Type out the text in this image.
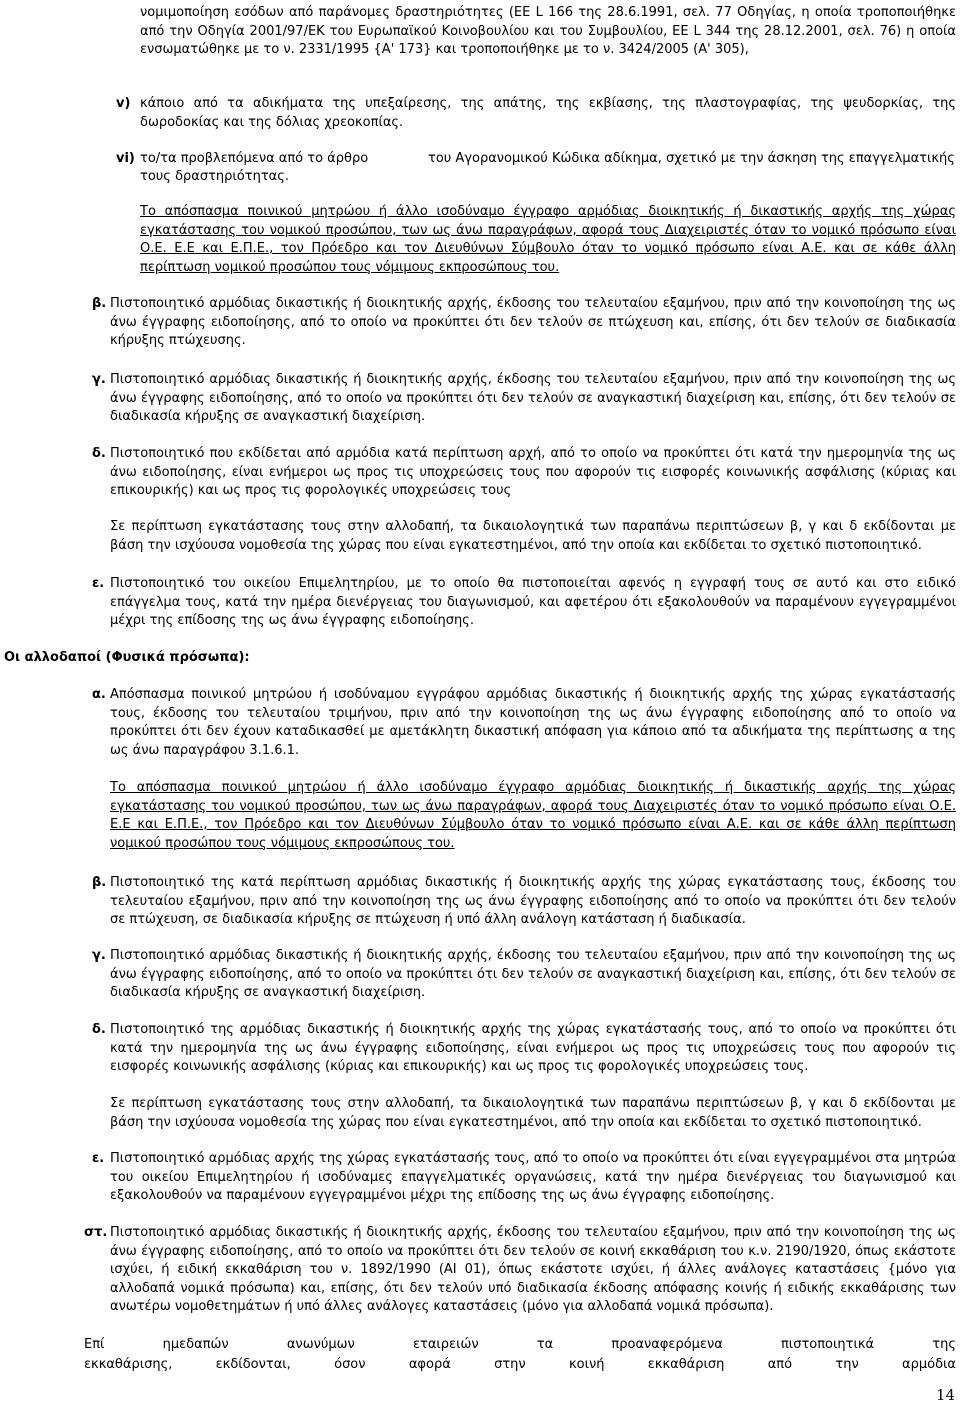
νομιμοποίηση εσόδων από παράνομες δραστηριότητες (ΕΕ L 166 της 28.6.1991, σελ. 77 Οδηγίας, η οποία τροποποιήθηκε από την Οδηγία 2001/97/ΕΚ του Ευρωπαϊκού Κοινοβουλίου και του Συμβουλίου, ΕΕ L 344 της 28.12.2001, σελ. 76) η οποία ενσωματώθηκε με το ν. 2331/1995 {Α' 173} και τροποποιήθηκε με το ν. 3424/2005 (Α' 305),
v) κάποιο από τα αδικήματα της υπεξαίρεσης, της απάτης, της εκβίασης, της πλαστογραφίας, της ψευδορκίας, της δωροδοκίας και της δόλιας χρεοκοπίας.
vi) το/τα προβλεπόμενα από το άρθρο
τους δραστηριότητας.
του Αγορανομικού Κώδικα αδίκημα, σχετικό με την άσκηση της επαγγελματικής
Το απόσπασμα ποινικού μητρώου ή άλλο ισοδύναμο έγγραφο αρμόδιας διοικητικής ή δικαστικής αρχής της χώρας εγκατάστασης του νομικού προσώπου, των ως άνω παραγράφων, αφορά τους Διαχειριστές όταν το νομικό πρόσωπο είναι Ο.Ε. Ε.Ε και Ε.Π.Ε., τον Πρόεδρο και τον Διευθύνων Σύμβουλο όταν το νομικό πρόσωπο είναι Α.Ε. και σε κάθε άλλη περίπτωση νομικού προσώπου τους νόμιμους εκπροσώπους του.
β. Πιστοποιητικό αρμόδιας δικαστικής ή διοικητικής αρχής, έκδοσης του τελευταίου εξαμήνου, πριν από την κοινοποίηση της ως άνω έγγραφης ειδοποίησης, από το οποίο να προκύπτει ότι δεν τελούν σε πτώχευση και, επίσης, ότι δεν τελούν σε διαδικασία κήρυξης πτώχευσης.
γ. Πιστοποιητικό αρμόδιας δικαστικής ή διοικητικής αρχής, έκδοσης του τελευταίου εξαμήνου, πριν από την κοινοποίηση της ως άνω έγγραφης ειδοποίησης, από το οποίο να προκύπτει ότι δεν τελούν σε αναγκαστική διαχείριση και, επίσης, ότι δεν τελούν σε διαδικασία κήρυξης σε αναγκαστική διαχείριση.
δ. Πιστοποιητικό που εκδίδεται από αρμόδια κατά περίπτωση αρχή, από το οποίο να προκύπτει ότι κατά την ημερομηνία της ως άνω ειδοποίησης, είναι ενήμεροι ως προς τις υποχρεώσεις τους που αφορούν τις εισφορές κοινωνικής ασφάλισης (κύριας και επικουρικής) και ως προς τις φορολογικές υποχρεώσεις τους
Σε περίπτωση εγκατάστασης τους στην αλλοδαπή, τα δικαιολογητικά των παραπάνω περιπτώσεων β, γ και δ εκδίδονται με βάση την ισχύουσα νομοθεσία της χώρας που είναι εγκατεστημένοι, από την οποία και εκδίδεται το σχετικό πιστοποιητικό.
ε. Πιστοποιητικό του οικείου Επιμελητηρίου, με το οποίο θα πιστοποιείται αφενός η εγγραφή τους σε αυτό και στο ειδικό επάγγελμα τους, κατά την ημέρα διενέργειας του διαγωνισμού, και αφετέρου ότι εξακολουθούν να παραμένουν εγγεγραμμένοι μέχρι της επίδοσης της ως άνω έγγραφης ειδοποίησης.
Οι αλλοδαποί (Φυσικά πρόσωπα):
α. Απόσπασμα ποινικού μητρώου ή ισοδύναμου εγγράφου αρμόδιας δικαστικής ή διοικητικής αρχής της χώρας εγκατάστασής τους, έκδοσης του τελευταίου τριμήνου, πριν από την κοινοποίηση της ως άνω έγγραφης ειδοποίησης από το οποίο να προκύπτει ότι δεν έχουν καταδικασθεί με αμετάκλητη δικαστική απόφαση για κάποιο από τα αδικήματα της περίπτωσης α της ως άνω παραγράφου 3.1.6.1.
Το απόσπασμα ποινικού μητρώου ή άλλο ισοδύναμο έγγραφο αρμόδιας διοικητικής ή δικαστικής αρχής της χώρας εγκατάστασης του νομικού προσώπου, των ως άνω παραγράφων, αφορά τους Διαχειριστές όταν το νομικό πρόσωπο είναι Ο.Ε. Ε.Ε και Ε.Π.Ε., τον Πρόεδρο και τον Διευθύνων Σύμβουλο όταν το νομικό πρόσωπο είναι Α.Ε. και σε κάθε άλλη περίπτωση νομικού προσώπου τους νόμιμους εκπροσώπους του.
β. Πιστοποιητικό της κατά περίπτωση αρμόδιας δικαστικής ή διοικητικής αρχής της χώρας εγκατάστασης τους, έκδοσης του τελευταίου εξαμήνου, πριν από την κοινοποίηση της ως άνω έγγραφης ειδοποίησης από το οποίο να προκύπτει ότι δεν τελούν σε πτώχευση, σε διαδικασία κήρυξης σε πτώχευση ή υπό άλλη ανάλογη κατάσταση ή διαδικασία.
γ. Πιστοποιητικό αρμόδιας δικαστικής ή διοικητικής αρχής, έκδοσης του τελευταίου εξαμήνου, πριν από την κοινοποίηση της ως άνω έγγραφης ειδοποίησης, από το οποίο να προκύπτει ότι δεν τελούν σε αναγκαστική διαχείριση και, επίσης, ότι δεν τελούν σε διαδικασία κήρυξης σε αναγκαστική διαχείριση.
δ. Πιστοποιητικό της αρμόδιας δικαστικής ή διοικητικής αρχής της χώρας εγκατάστασής τους, από το οποίο να προκύπτει ότι κατά την ημερομηνία της ως άνω έγγραφης ειδοποίησης, είναι ενήμεροι ως προς τις υποχρεώσεις τους που αφορούν τις εισφορές κοινωνικής ασφάλισης (κύριας και επικουρικής) και ως προς τις φορολογικές υποχρεώσεις τους.
Σε περίπτωση εγκατάστασης τους στην αλλοδαπή, τα δικαιολογητικά των παραπάνω περιπτώσεων β, γ και δ εκδίδονται με βάση την ισχύουσα νομοθεσία της χώρας που είναι εγκατεστημένοι, από την οποία και εκδίδεται το σχετικό πιστοποιητικό.
ε. Πιστοποιητικό αρμόδιας αρχής της χώρας εγκατάστασής τους, από το οποίο να προκύπτει ότι είναι εγγεγραμμένοι στα μητρώα του οικείου Επιμελητηρίου ή ισοδύναμες επαγγελματικές οργανώσεις, κατά την ημέρα διενέργειας του διαγωνισμού και εξακολουθούν να παραμένουν εγγεγραμμένοι μέχρι της επίδοσης της ως άνω έγγραφης ειδοποίησης.
στ. Πιστοποιητικό αρμόδιας δικαστικής ή διοικητικής αρχής, έκδοσης του τελευταίου εξαμήνου, πριν από την κοινοποίηση της ως άνω έγγραφης ειδοποίησης, από το οποίο να προκύπτει ότι δεν τελούν σε κοινή εκκαθάριση του κ.ν. 2190/1920, όπως εκάστοτε ισχύει, ή ειδική εκκαθάριση του ν. 1892/1990 (ΑΙ 01), όπως εκάστοτε ισχύει, ή άλλες ανάλογες καταστάσεις {μόνο για αλλοδαπά νομικά πρόσωπα) και, επίσης, ότι δεν τελούν υπό διαδικασία έκδοσης απόφασης κοινής ή ειδικής εκκαθάρισης των ανωτέρω νομοθετημάτων ή υπό άλλες ανάλογες καταστάσεις (μόνο για αλλοδαπά νομικά πρόσωπα).
Επί ημεδαπών ανωνύμων εταιρειών τα προαναφερόμενα πιστοποιητικά της
εκκαθάρισης, εκδίδονται, όσον αφορά στην κοινή εκκαθάριση από την αρμόδια
14
